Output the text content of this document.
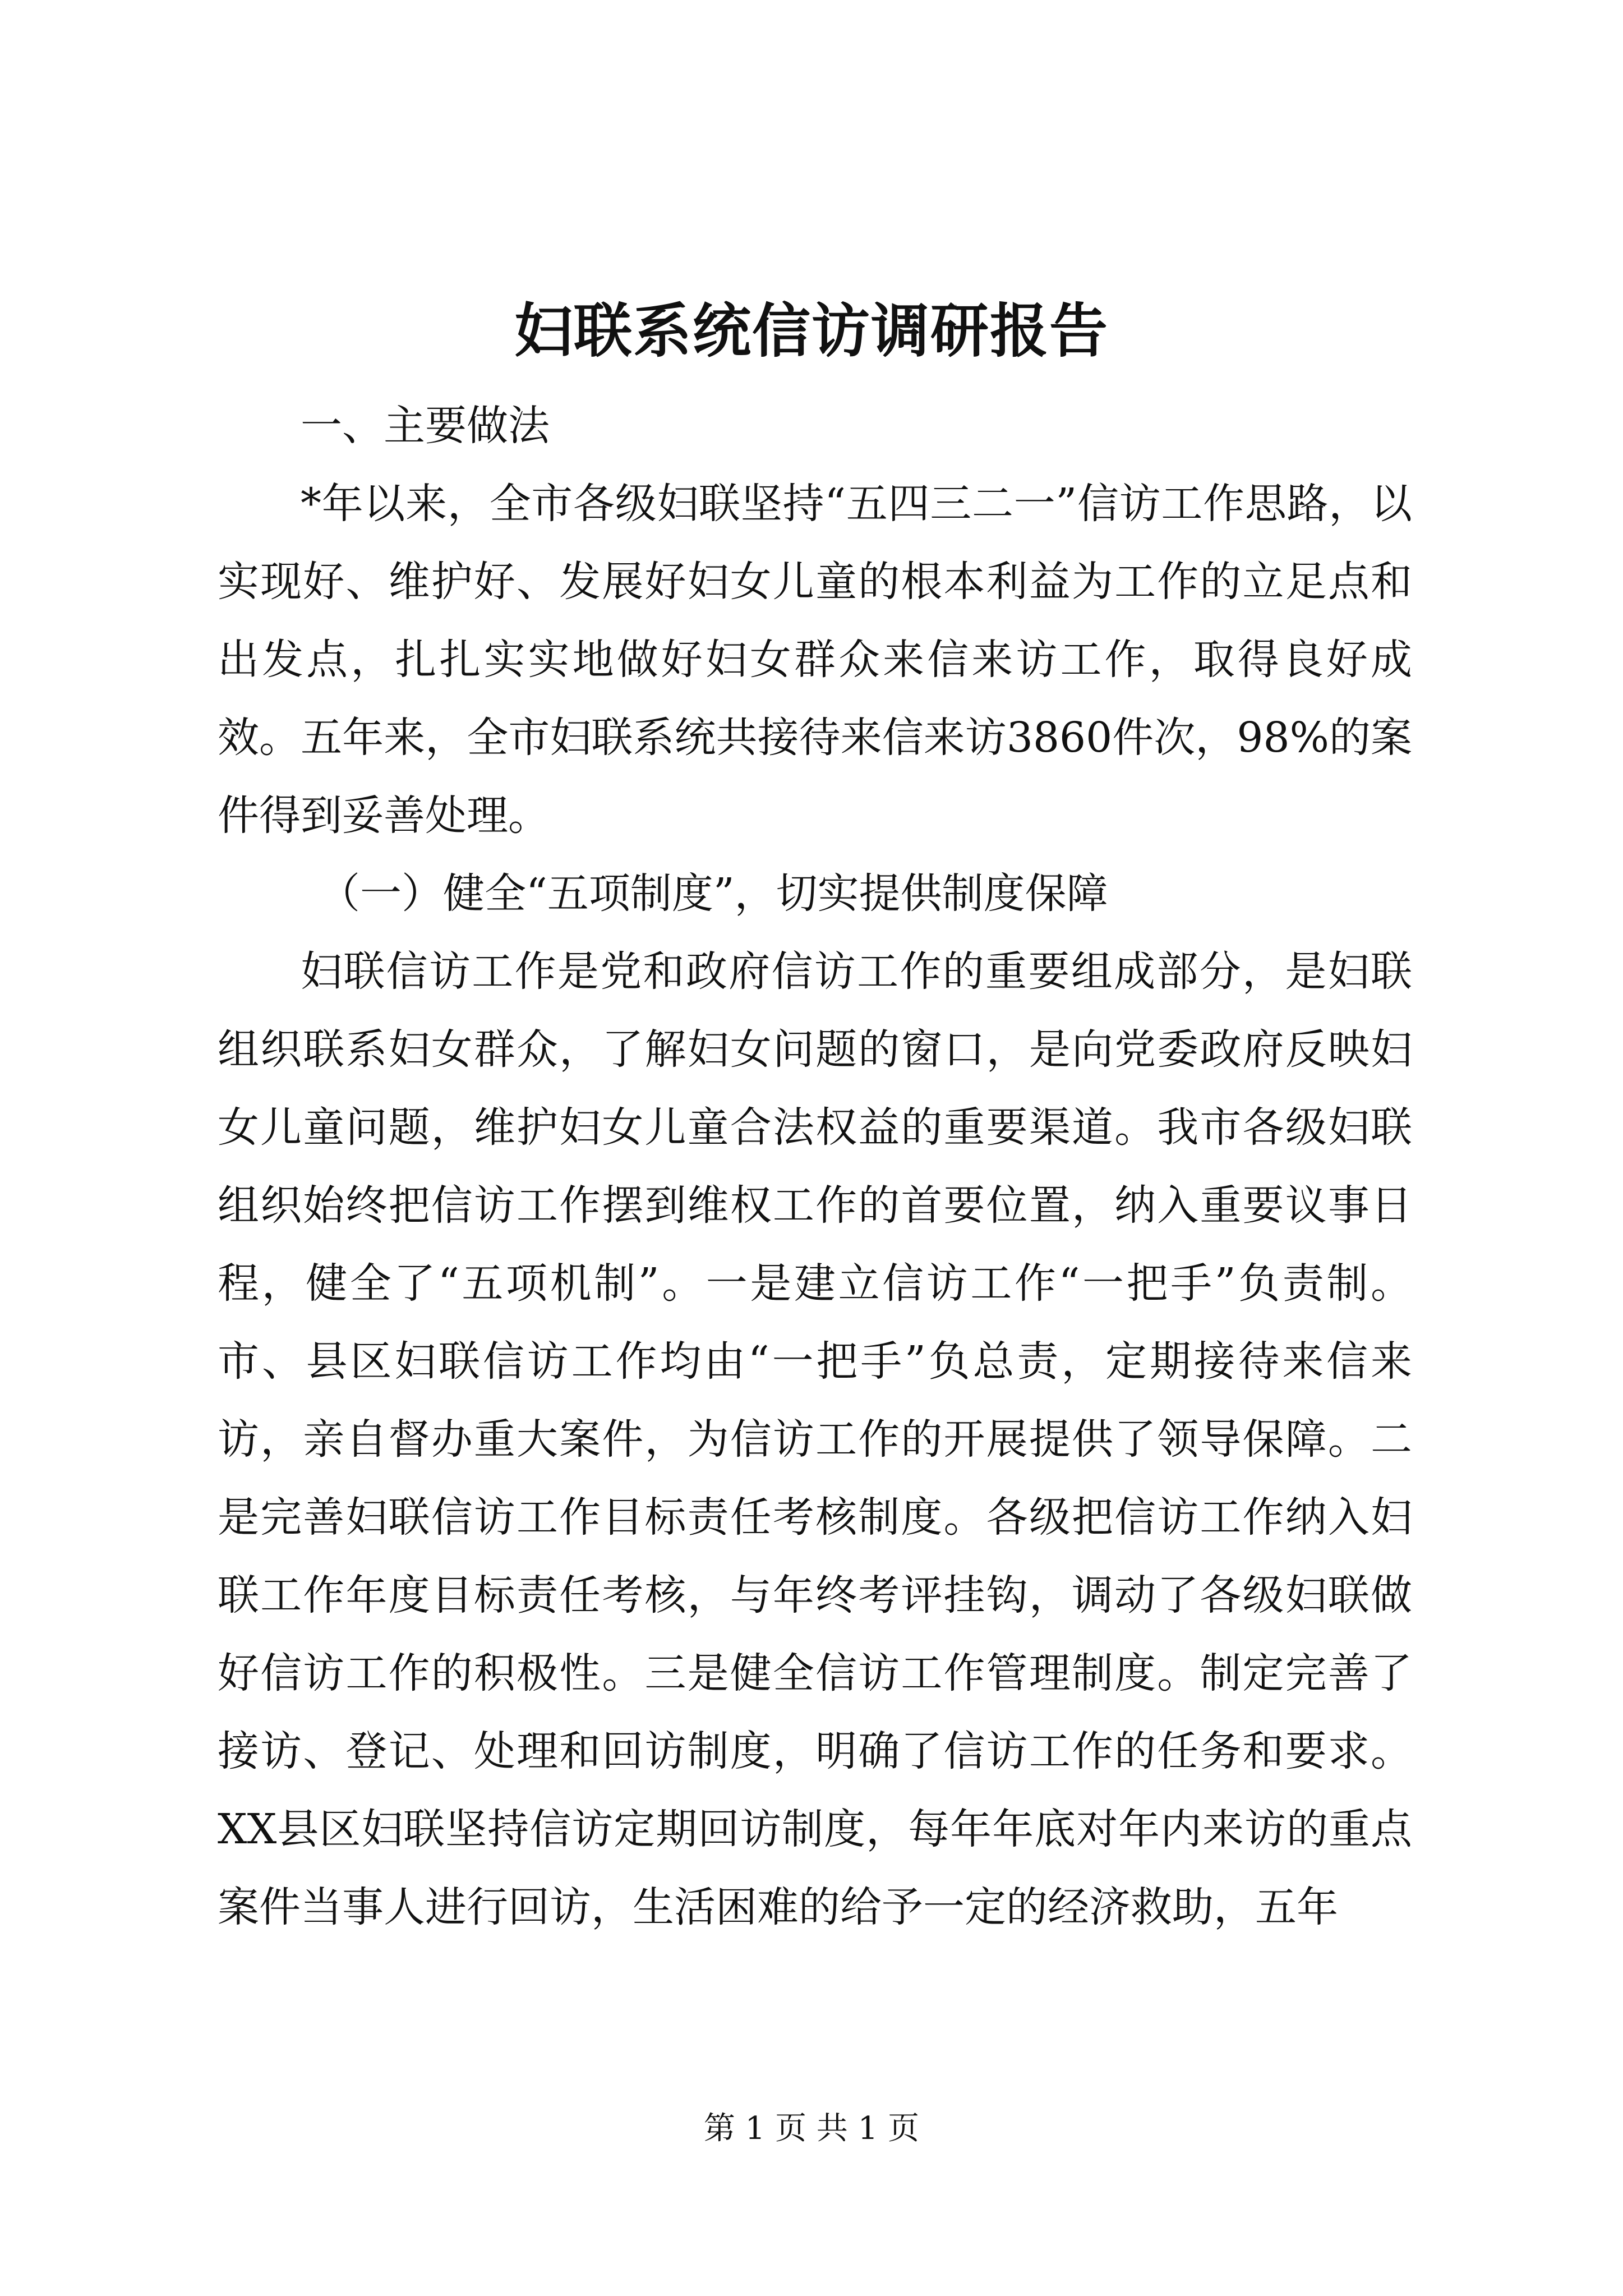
妇联系统信访调研报告

一、主要做法

*年以来，全市各级妇联坚持“五四三二一”信访工作思路，以实现好、维护好、发展好妇女儿童的根本利益为工作的立足点和出发点，扎扎实实地做好妇女群众来信来访工作，取得良好成效。五年来，全市妇联系统共接待来信来访3860件次，98%的案件得到妥善处理。

（一）健全“五项制度”，切实提供制度保障

妇联信访工作是党和政府信访工作的重要组成部分，是妇联组织联系妇女群众，了解妇女问题的窗口，是向党委政府反映妇女儿童问题，维护妇女儿童合法权益的重要渠道。我市各级妇联组织始终把信访工作摆到维权工作的首要位置，纳入重要议事日程，健全了“五项机制”。一是建立信访工作“一把手”负责制。市、县区妇联信访工作均由“一把手”负总责，定期接待来信来访，亲自督办重大案件，为信访工作的开展提供了领导保障。二是完善妇联信访工作目标责任考核制度。各级把信访工作纳入妇联工作年度目标责任考核，与年终考评挂钩，调动了各级妇联做好信访工作的积极性。三是健全信访工作管理制度。制定完善了接访、登记、处理和回访制度，明确了信访工作的任务和要求。XX县区妇联坚持信访定期回访制度，每年年底对年内来访的重点案件当事人进行回访，生活困难的给予一定的经济救助，五年

第 1 页 共 1 页
